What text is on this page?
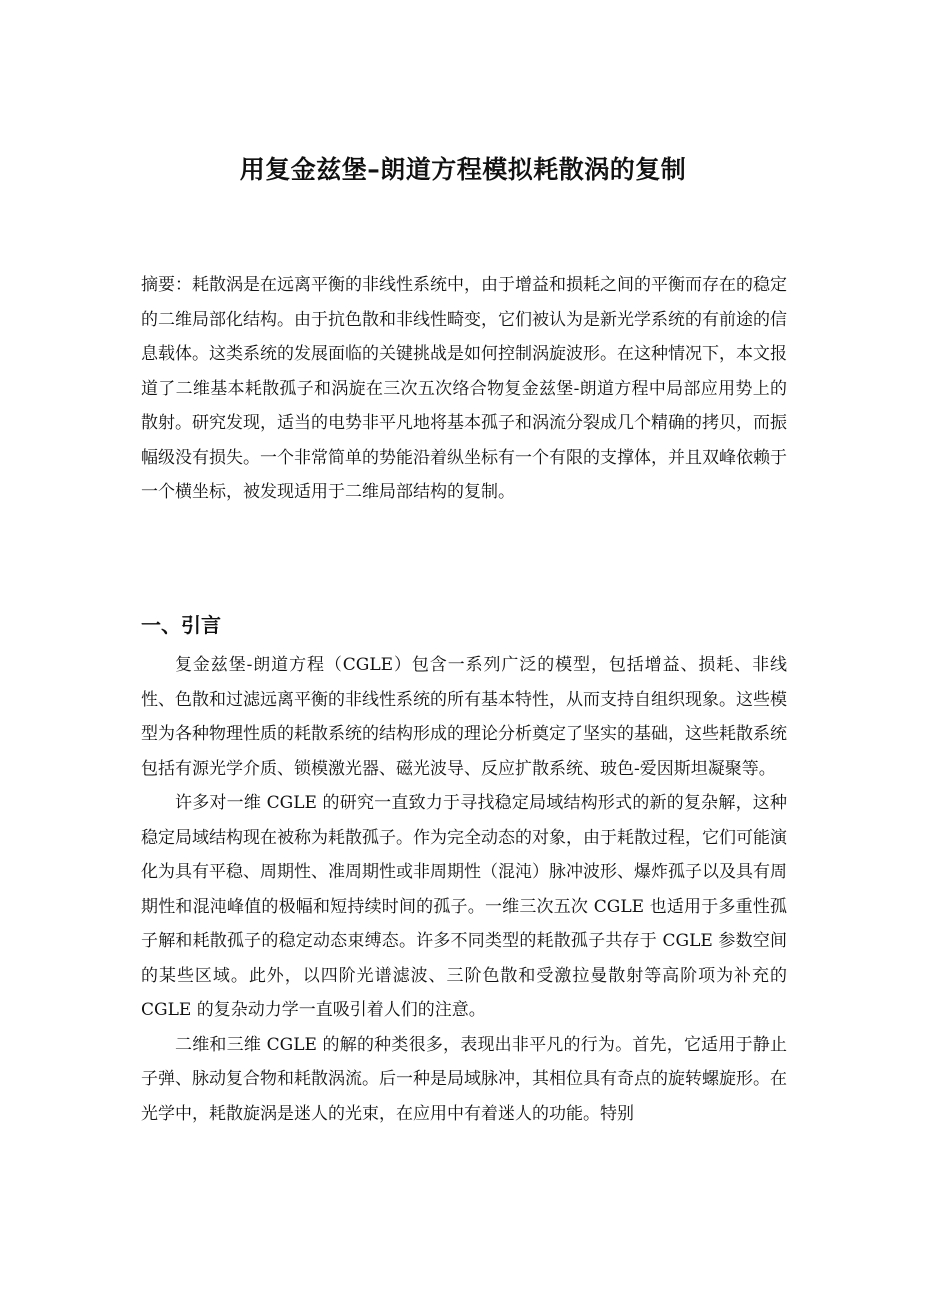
用复金兹堡–朗道方程模拟耗散涡的复制

摘要：耗散涡是在远离平衡的非线性系统中，由于增益和损耗之间的平衡而存在的稳定的二维局部化结构。由于抗色散和非线性畸变，它们被认为是新光学系统的有前途的信息载体。这类系统的发展面临的关键挑战是如何控制涡旋波形。在这种情况下，本文报道了二维基本耗散孤子和涡旋在三次五次络合物复金兹堡-朗道方程中局部应用势上的散射。研究发现，适当的电势非平凡地将基本孤子和涡流分裂成几个精确的拷贝，而振幅级没有损失。一个非常简单的势能沿着纵坐标有一个有限的支撑体，并且双峰依赖于一个横坐标，被发现适用于二维局部结构的复制。

一、引言

复金兹堡-朗道方程（CGLE）包含一系列广泛的模型，包括增益、损耗、非线性、色散和过滤远离平衡的非线性系统的所有基本特性，从而支持自组织现象。这些模型为各种物理性质的耗散系统的结构形成的理论分析奠定了坚实的基础，这些耗散系统包括有源光学介质、锁模激光器、磁光波导、反应扩散系统、玻色-爱因斯坦凝聚等。

许多对一维 CGLE 的研究一直致力于寻找稳定局域结构形式的新的复杂解，这种稳定局域结构现在被称为耗散孤子。作为完全动态的对象，由于耗散过程，它们可能演化为具有平稳、周期性、准周期性或非周期性（混沌）脉冲波形、爆炸孤子以及具有周期性和混沌峰值的极幅和短持续时间的孤子。一维三次五次 CGLE 也适用于多重性孤子解和耗散孤子的稳定动态束缚态。许多不同类型的耗散孤子共存于 CGLE 参数空间的某些区域。此外，以四阶光谱滤波、三阶色散和受激拉曼散射等高阶项为补充的 CGLE 的复杂动力学一直吸引着人们的注意。

二维和三维 CGLE 的解的种类很多，表现出非平凡的行为。首先，它适用于静止子弹、脉动复合物和耗散涡流。后一种是局域脉冲，其相位具有奇点的旋转螺旋形。在光学中，耗散旋涡是迷人的光束，在应用中有着迷人的功能。特别
